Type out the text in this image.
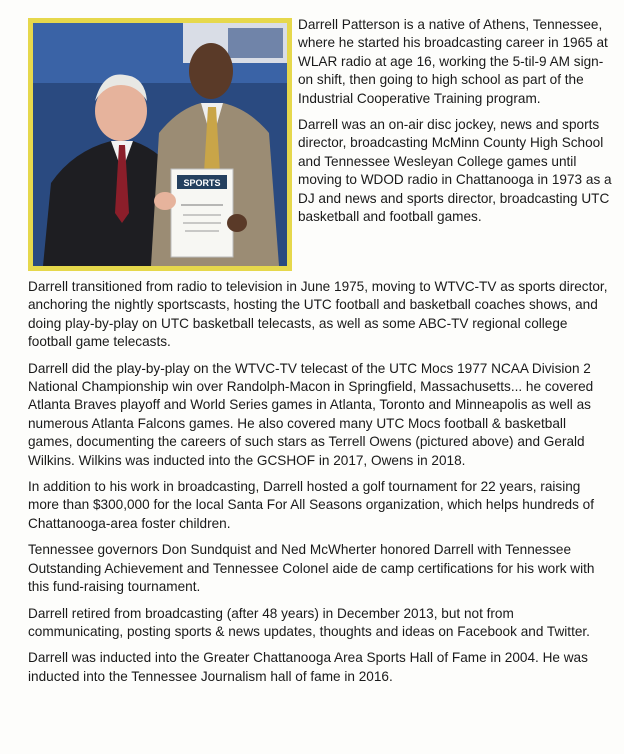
SPORTS

Darrell Patterson is a native of Athens, Tennessee, where he started his broadcasting career in 1965 at WLAR radio at age 16, working the 5-til-9 AM sign-on shift, then going to high school as part of the Industrial Cooperative Training program.

Darrell was an on-air disc jockey, news and sports director, broadcasting McMinn County High School and Tennessee Wesleyan College games until moving to WDOD radio in Chattanooga in 1973 as a DJ and news and sports director, broadcasting UTC basketball and football games.

Darrell transitioned from radio to television in June 1975, moving to WTVC-TV as sports director, anchoring the nightly sportscasts, hosting the UTC football and basketball coaches shows, and doing play-by-play on UTC basketball telecasts, as well as some ABC-TV regional college football game telecasts.

Darrell did the play-by-play on the WTVC-TV telecast of the UTC Mocs 1977 NCAA Division 2 National Championship win over Randolph-Macon in Springfield, Massachusetts... he covered Atlanta Braves playoff and World Series games in Atlanta, Toronto and Minneapolis as well as numerous Atlanta Falcons games. He also covered many UTC Mocs football & basketball games, documenting the careers of such stars as Terrell Owens (pictured above) and Gerald Wilkins. Wilkins was inducted into the GCSHOF in 2017, Owens in 2018.

In addition to his work in broadcasting, Darrell hosted a golf tournament for 22 years, raising more than $300,000 for the local Santa For All Seasons organization, which helps hundreds of Chattanooga-area foster children.

Tennessee governors Don Sundquist and Ned McWherter honored Darrell with Tennessee Outstanding Achievement and Tennessee Colonel aide de camp certifications for his work with this fund-raising tournament.

Darrell retired from broadcasting (after 48 years) in December 2013, but not from communicating, posting sports & news updates, thoughts and ideas on Facebook and Twitter.

Darrell was inducted into the Greater Chattanooga Area Sports Hall of Fame in 2004. He was inducted into the Tennessee Journalism hall of fame in 2016.
